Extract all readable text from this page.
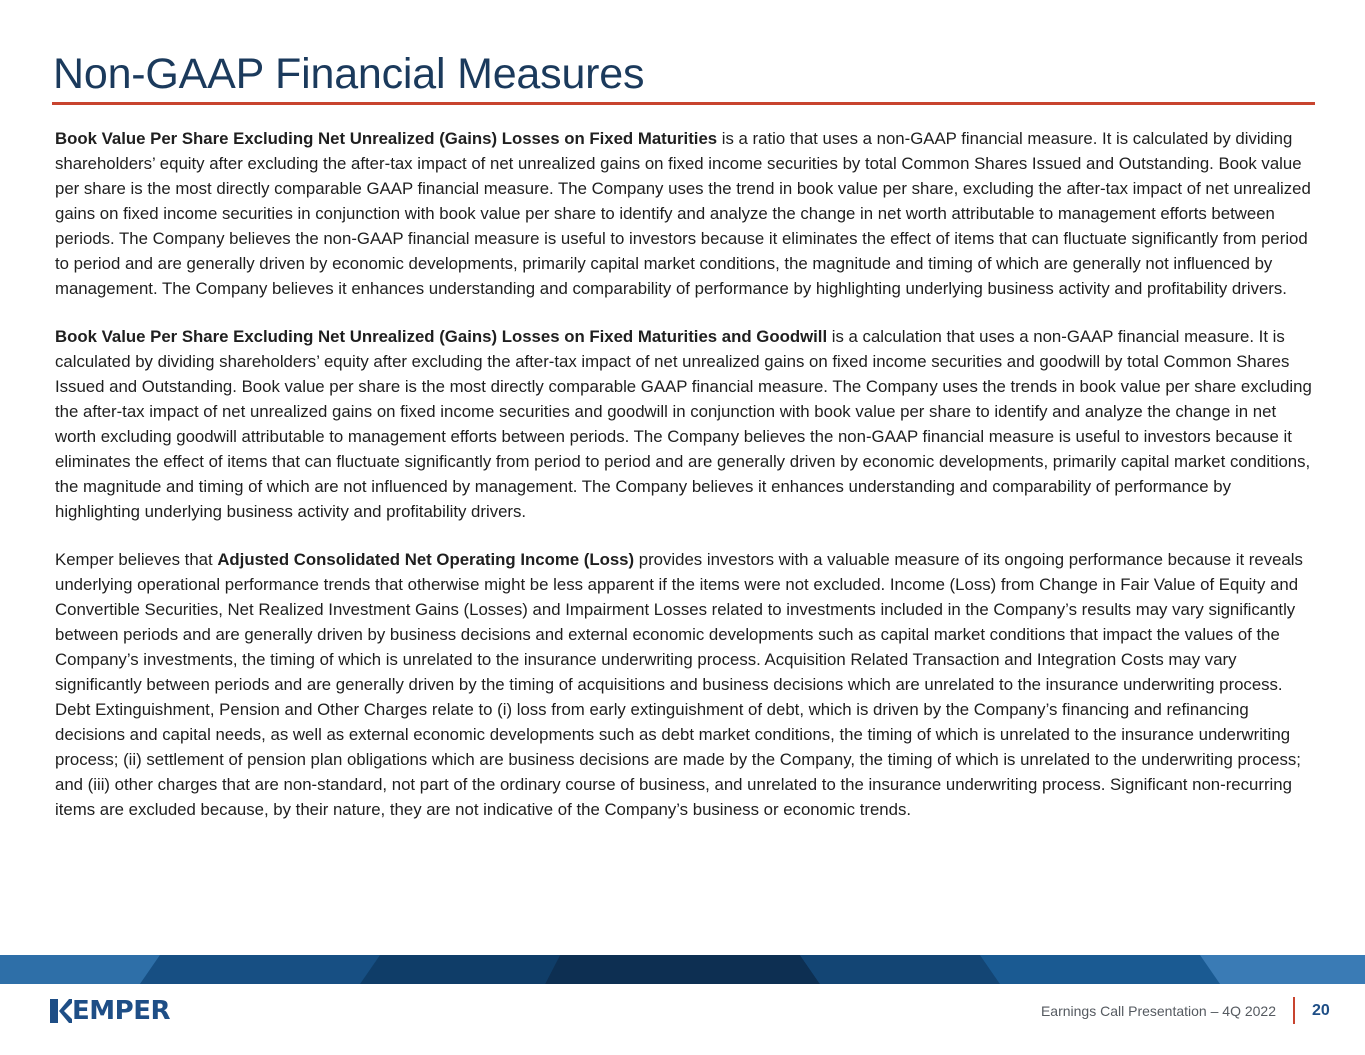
Non-GAAP Financial Measures

Book Value Per Share Excluding Net Unrealized (Gains) Losses on Fixed Maturities is a ratio that uses a non-GAAP financial measure. It is calculated by dividing shareholders’ equity after excluding the after-tax impact of net unrealized gains on fixed income securities by total Common Shares Issued and Outstanding. Book value per share is the most directly comparable GAAP financial measure. The Company uses the trend in book value per share, excluding the after-tax impact of net unrealized gains on fixed income securities in conjunction with book value per share to identify and analyze the change in net worth attributable to management efforts between periods. The Company believes the non-GAAP financial measure is useful to investors because it eliminates the effect of items that can fluctuate significantly from period to period and are generally driven by economic developments, primarily capital market conditions, the magnitude and timing of which are generally not influenced by management. The Company believes it enhances understanding and comparability of performance by highlighting underlying business activity and profitability drivers.

Book Value Per Share Excluding Net Unrealized (Gains) Losses on Fixed Maturities and Goodwill is a calculation that uses a non-GAAP financial measure. It is calculated by dividing shareholders’ equity after excluding the after-tax impact of net unrealized gains on fixed income securities and goodwill by total Common Shares Issued and Outstanding. Book value per share is the most directly comparable GAAP financial measure. The Company uses the trends in book value per share excluding the after-tax impact of net unrealized gains on fixed income securities and goodwill in conjunction with book value per share to identify and analyze the change in net worth excluding goodwill attributable to management efforts between periods. The Company believes the non-GAAP financial measure is useful to investors because it eliminates the effect of items that can fluctuate significantly from period to period and are generally driven by economic developments, primarily capital market conditions, the magnitude and timing of which are not influenced by management. The Company believes it enhances understanding and comparability of performance by highlighting underlying business activity and profitability drivers.

Kemper believes that Adjusted Consolidated Net Operating Income (Loss) provides investors with a valuable measure of its ongoing performance because it reveals underlying operational performance trends that otherwise might be less apparent if the items were not excluded. Income (Loss) from Change in Fair Value of Equity and Convertible Securities, Net Realized Investment Gains (Losses) and Impairment Losses related to investments included in the Company’s results may vary significantly between periods and are generally driven by business decisions and external economic developments such as capital market conditions that impact the values of the Company’s investments, the timing of which is unrelated to the insurance underwriting process. Acquisition Related Transaction and Integration Costs may vary significantly between periods and are generally driven by the timing of acquisitions and business decisions which are unrelated to the insurance underwriting process. Debt Extinguishment, Pension and Other Charges relate to (i) loss from early extinguishment of debt, which is driven by the Company’s financing and refinancing decisions and capital needs, as well as external economic developments such as debt market conditions, the timing of which is unrelated to the insurance underwriting process; (ii) settlement of pension plan obligations which are business decisions are made by the Company, the timing of which is unrelated to the underwriting process; and (iii) other charges that are non-standard, not part of the ordinary course of business, and unrelated to the insurance underwriting process. Significant non-recurring items are excluded because, by their nature, they are not indicative of the Company’s business or economic trends.

EMPER	Earnings Call Presentation – 4Q 2022 20
